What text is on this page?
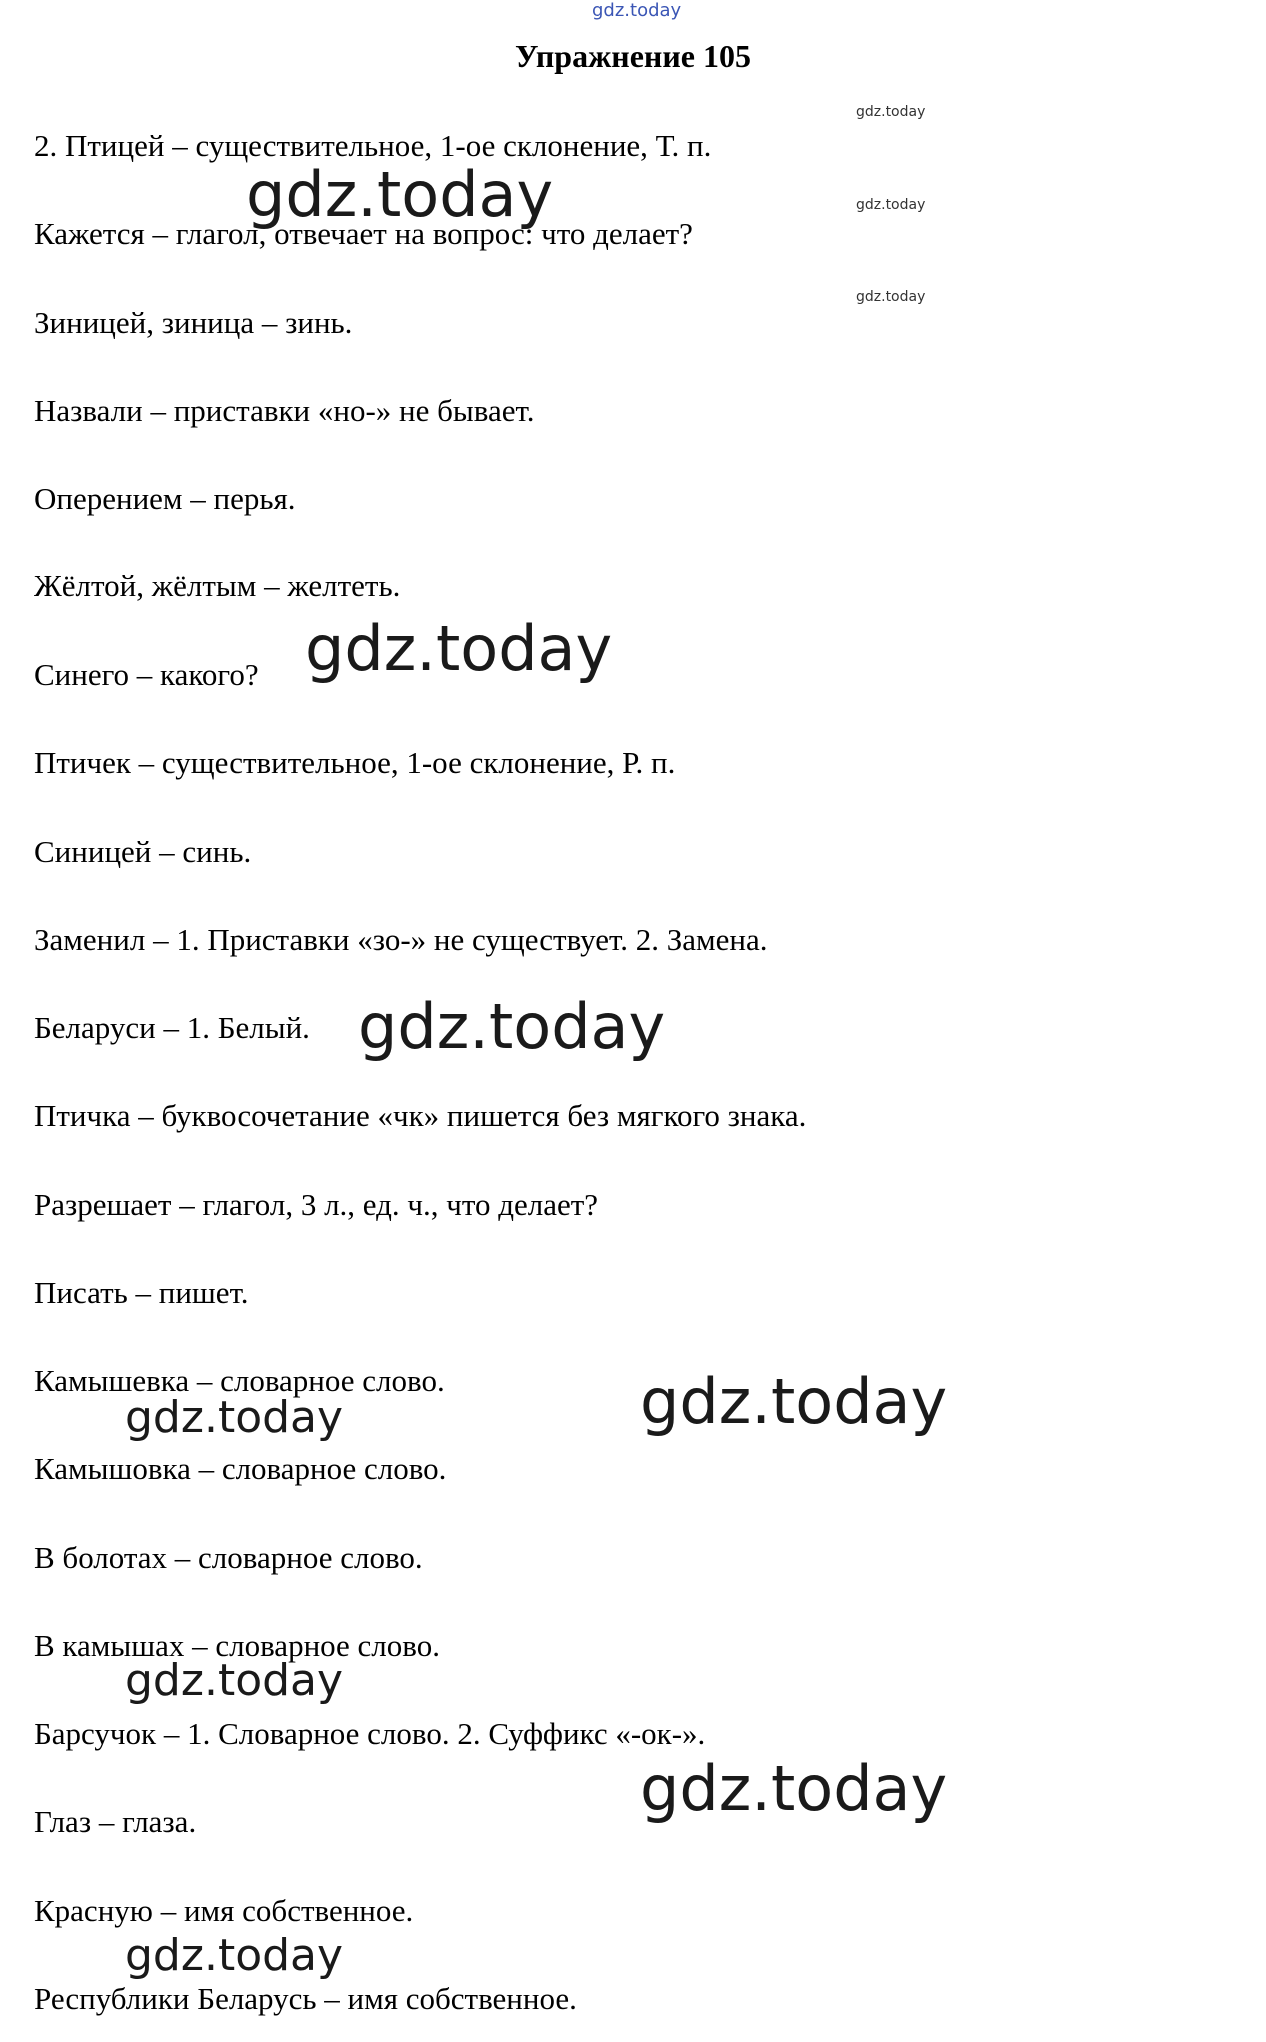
gdz.today
Упражнение 105
2. Птицей – существительное, 1-ое склонение, Т. п.
Кажется – глагол, отвечает на вопрос: что делает?
Зиницей, зиница – зинь.
Назвали – приставки «но-» не бывает.
Оперением – перья.
Жёлтой, жёлтым – желтеть.
Синего – какого?
Птичек – существительное, 1-ое склонение, Р. п.
Синицей – синь.
Заменил – 1. Приставки «зо-» не существует. 2. Замена.
Беларуси – 1. Белый.
Птичка – буквосочетание «чк» пишется без мягкого знака.
Разрешает – глагол, 3 л., ед. ч., что делает?
Писать – пишет.
Камышевка – словарное слово.
Камышовка – словарное слово.
В болотах – словарное слово.
В камышах – словарное слово.
Барсучок – 1. Словарное слово. 2. Суффикс «-ок-».
Глаз – глаза.
Красную – имя собственное.
Республики Беларусь – имя собственное.
gdz.today
gdz.today
gdz.today
gdz.today
gdz.today
gdz.today
gdz.today
gdz.today
gdz.today
gdz.today
gdz.today
